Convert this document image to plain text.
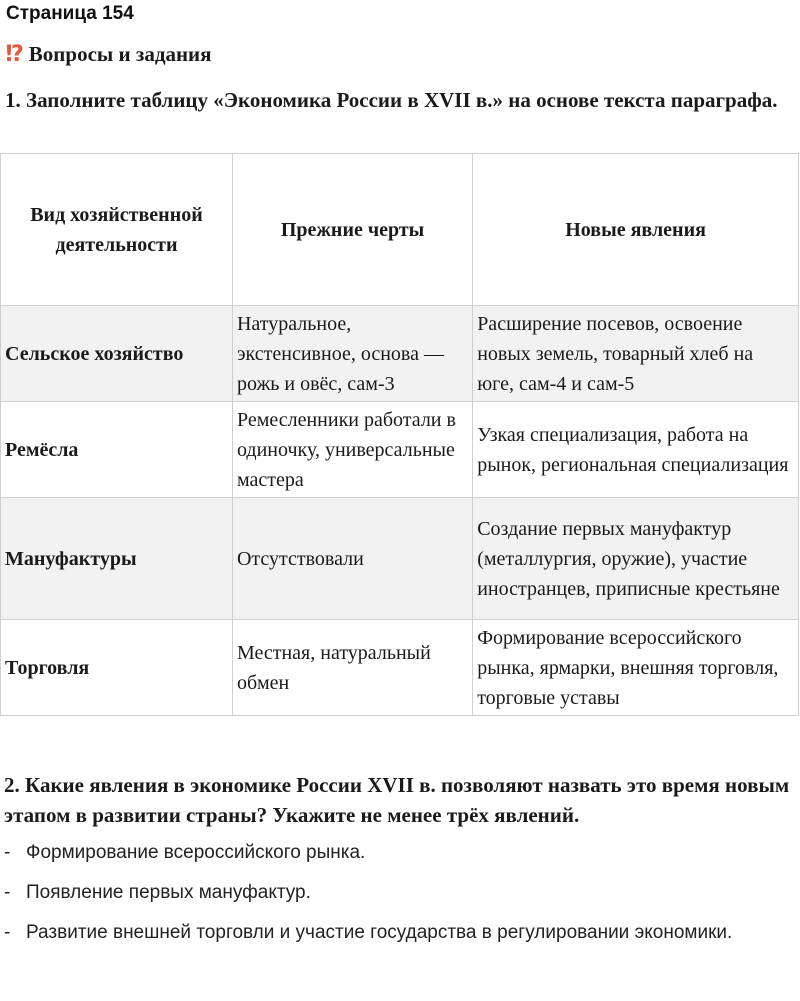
Страница 154
!? Вопросы и задания

1. Заполните таблицу «Экономика России в XVII в.» на основе текста параграфа.

Вид хозяйственной деятельности	Прежние черты	Новые явления
Сельское хозяйство	Натуральное, экстенсивное, основа — рожь и овёс, сам-3	Расширение посевов, освоение новых земель, товарный хлеб на юге, сам-4 и сам-5
Ремёсла	Ремесленники работали в одиночку, универсальные мастера	Узкая специализация, работа на рынок, региональная специализация
Мануфактуры	Отсутствовали	Создание первых мануфактур (металлургия, оружие), участие иностранцев, приписные крестьяне
Торговля	Местная, натуральный обмен	Формирование всероссийского рынка, ярмарки, внешняя торговля, торговые уставы

2. Какие явления в экономике России XVII в. позволяют назвать это время новым этапом в развитии страны? Укажите не менее трёх явлений.

- Формирование всероссийского рынка.
- Появление первых мануфактур.
- Развитие внешней торговли и участие государства в регулировании экономики.
